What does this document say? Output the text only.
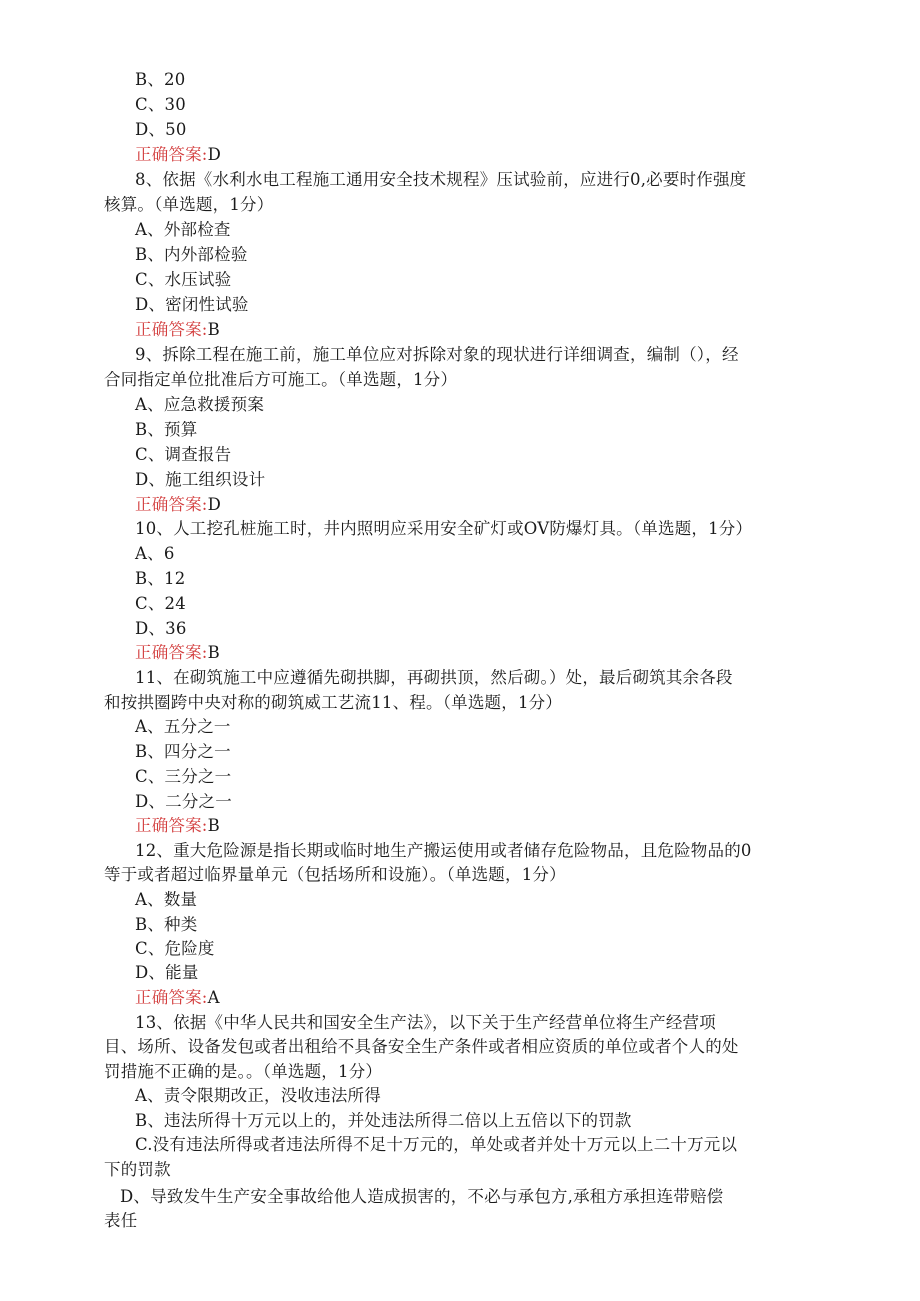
B、20
C、30
D、50
正确答案:D
8、依据《水利水电工程施工通用安全技术规程》压试验前，应进行0,必要时作强度
核算。（单选题，1分）
A、外部检查
B、内外部检验
C、水压试验
D、密闭性试验
正确答案:B
9、拆除工程在施工前，施工单位应对拆除对象的现状进行详细调查，编制（），经
合同指定单位批准后方可施工。（单选题，1分）
A、应急救援预案
B、预算
C、调查报告
D、施工组织设计
正确答案:D
10、人工挖孔桩施工时，井内照明应采用安全矿灯或OV防爆灯具。（单选题，1分）
A、6
B、12
C、24
D、36
正确答案:B
11、在砌筑施工中应遵循先砌拱脚，再砌拱顶，然后砌。）处，最后砌筑其余各段
和按拱圈跨中央对称的砌筑威工艺流11、程。（单选题，1分）
A、五分之一
B、四分之一
C、三分之一
D、二分之一
正确答案:B
12、重大危险源是指长期或临时地生产搬运使用或者储存危险物品，且危险物品的0
等于或者超过临界量单元（包括场所和设施）。（单选题，1分）
A、数量
B、种类
C、危险度
D、能量
正确答案:A
13、依据《中华人民共和国安全生产法》，以下关于生产经营单位将生产经营项
目、场所、设备发包或者出租给不具备安全生产条件或者相应资质的单位或者个人的处
罚措施不正确的是。。（单选题，1分）
A、责令限期改正，没收违法所得
B、违法所得十万元以上的，并处违法所得二倍以上五倍以下的罚款
C.没有违法所得或者违法所得不足十万元的，单处或者并处十万元以上二十万元以
下的罚款
D、导致发牛生产安全事故给他人造成损害的，不必与承包方,承租方承担连带赔偿
表任
